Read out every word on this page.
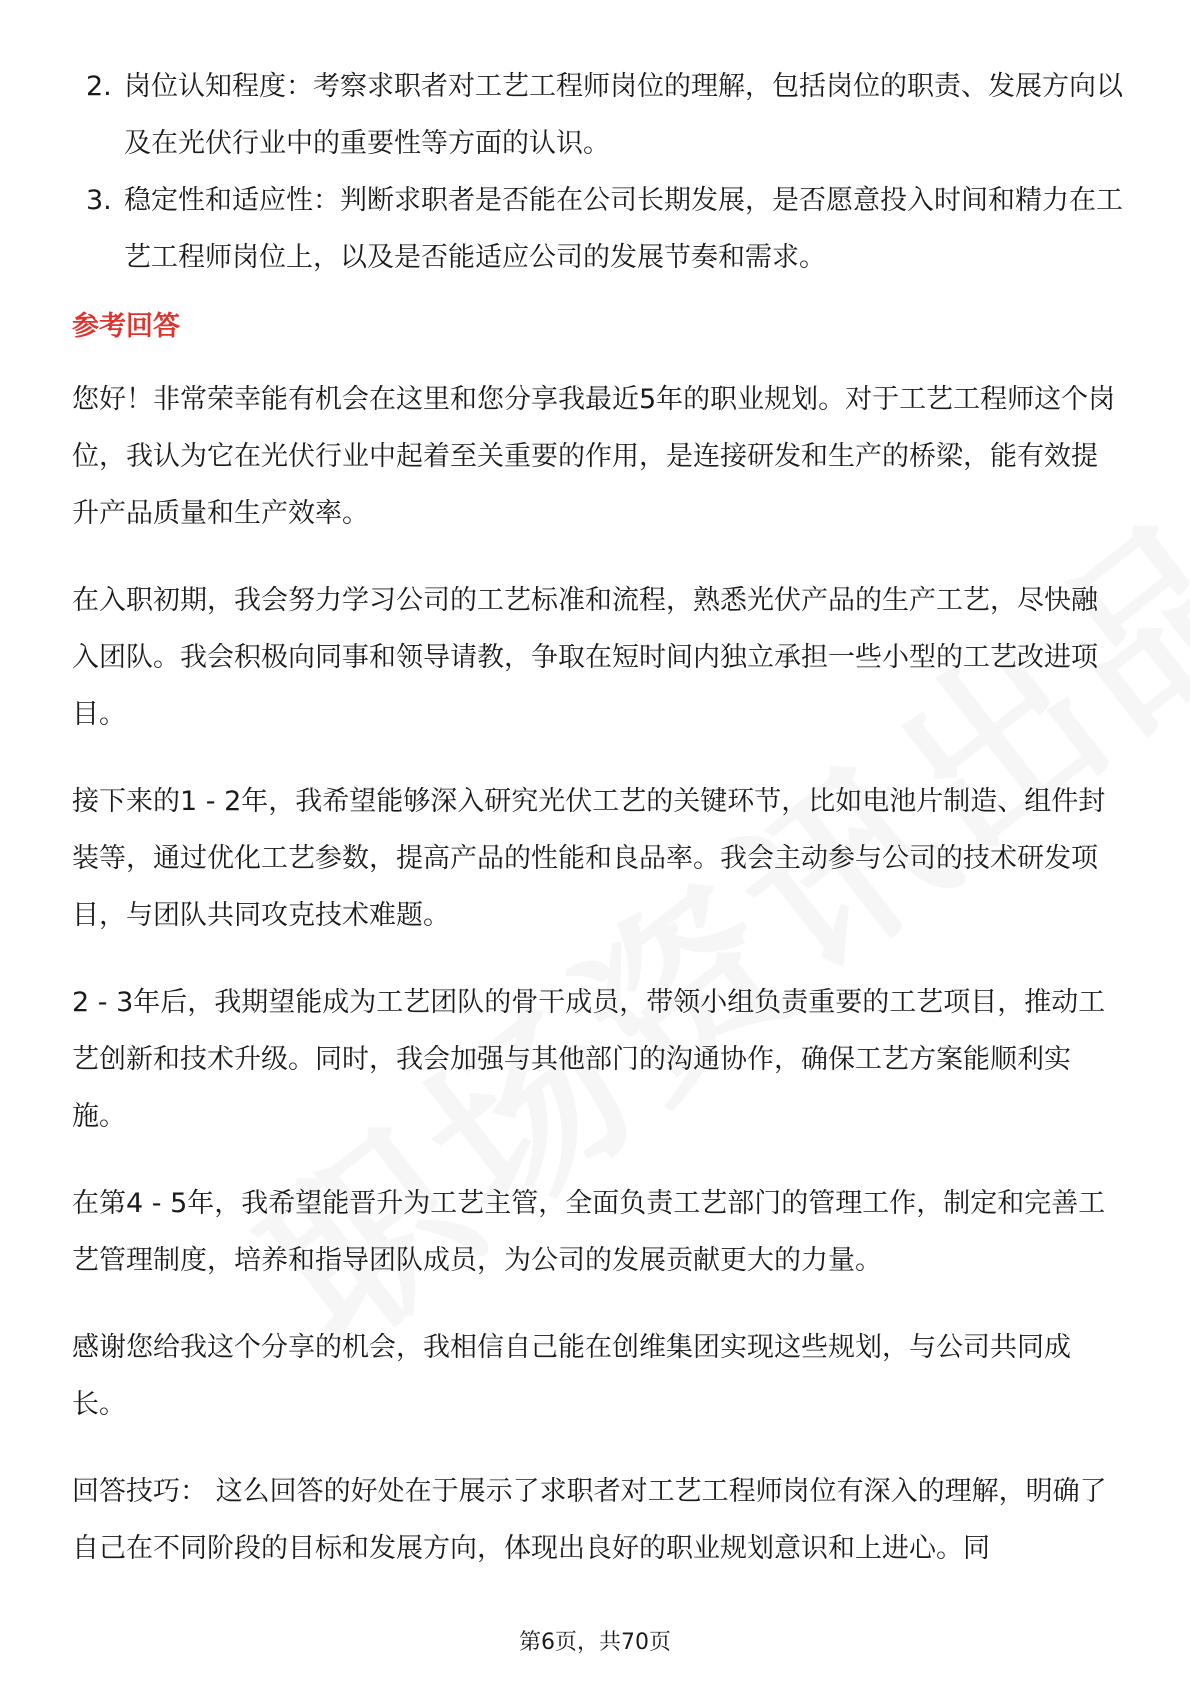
2. 岗位认知程度：考察求职者对工艺工程师岗位的理解，包括岗位的职责、发展方向以及在光伏行业中的重要性等方面的认识。
3. 稳定性和适应性：判断求职者是否能在公司长期发展，是否愿意投入时间和精力在工艺工程师岗位上，以及是否能适应公司的发展节奏和需求。
参考回答

您好！非常荣幸能有机会在这里和您分享我最近5年的职业规划。对于工艺工程师这个岗位，我认为它在光伏行业中起着至关重要的作用，是连接研发和生产的桥梁，能有效提升产品质量和生产效率。

在入职初期，我会努力学习公司的工艺标准和流程，熟悉光伏产品的生产工艺，尽快融入团队。我会积极向同事和领导请教，争取在短时间内独立承担一些小型的工艺改进项目。

接下来的1 - 2年，我希望能够深入研究光伏工艺的关键环节，比如电池片制造、组件封装等，通过优化工艺参数，提高产品的性能和良品率。我会主动参与公司的技术研发项目，与团队共同攻克技术难题。

2 - 3年后，我期望能成为工艺团队的骨干成员，带领小组负责重要的工艺项目，推动工艺创新和技术升级。同时，我会加强与其他部门的沟通协作，确保工艺方案能顺利实施。

在第4 - 5年，我希望能晋升为工艺主管，全面负责工艺部门的管理工作，制定和完善工艺管理制度，培养和指导团队成员，为公司的发展贡献更大的力量。

感谢您给我这个分享的机会，我相信自己能在创维集团实现这些规划，与公司共同成长。

回答技巧： 这么回答的好处在于展示了求职者对工艺工程师岗位有深入的理解，明确了自己在不同阶段的目标和发展方向，体现出良好的职业规划意识和上进心。同

第6页，共70页
